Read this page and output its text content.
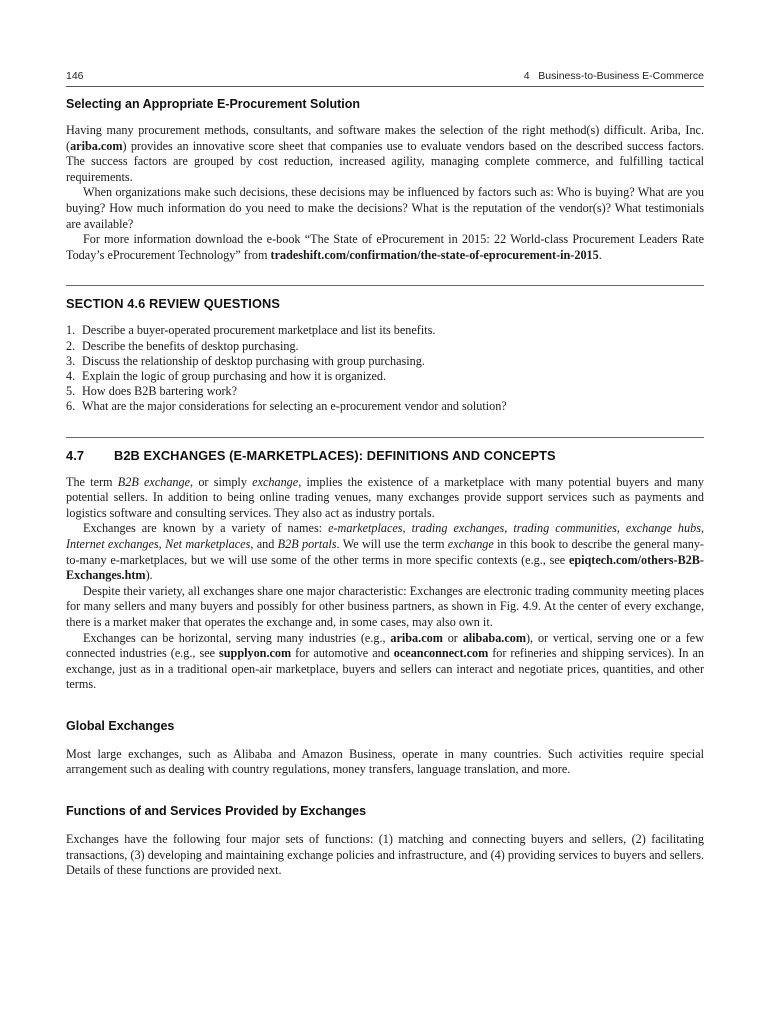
146	4   Business-to-Business E-Commerce
Selecting an Appropriate E-Procurement Solution

Having many procurement methods, consultants, and software makes the selection of the right method(s) difficult. Ariba, Inc. (ariba.com) provides an innovative score sheet that companies use to evaluate vendors based on the described success factors. The success factors are grouped by cost reduction, increased agility, managing complete commerce, and fulfilling tactical requirements.

When organizations make such decisions, these decisions may be influenced by factors such as: Who is buying? What are you buying? How much information do you need to make the decisions? What is the reputation of the vendor(s)? What testimonials are available?

For more information download the e-book “The State of eProcurement in 2015: 22 World-class Procurement Leaders Rate Today’s eProcurement Technology” from tradeshift.com/confirmation/the-state-of-eprocurement-in-2015.

SECTION 4.6 REVIEW QUESTIONS
1. Describe a buyer-operated procurement marketplace and list its benefits.
2. Describe the benefits of desktop purchasing.
3. Discuss the relationship of desktop purchasing with group purchasing.
4. Explain the logic of group purchasing and how it is organized.
5. How does B2B bartering work?
6. What are the major considerations for selecting an e-procurement vendor and solution?
4.7 B2B EXCHANGES (E-MARKETPLACES): DEFINITIONS AND CONCEPTS

The term B2B exchange, or simply exchange, implies the existence of a marketplace with many potential buyers and many potential sellers. In addition to being online trading venues, many exchanges provide support services such as payments and logistics software and consulting services. They also act as industry portals.

Exchanges are known by a variety of names: e-marketplaces, trading exchanges, trading communities, exchange hubs, Internet exchanges, Net marketplaces, and B2B portals. We will use the term exchange in this book to describe the general many-to-many e-marketplaces, but we will use some of the other terms in more specific contexts (e.g., see epiqtech.com/others-B2B-Exchanges.htm).

Despite their variety, all exchanges share one major characteristic: Exchanges are electronic trading community meeting places for many sellers and many buyers and possibly for other business partners, as shown in Fig. 4.9. At the center of every exchange, there is a market maker that operates the exchange and, in some cases, may also own it.

Exchanges can be horizontal, serving many industries (e.g., ariba.com or alibaba.com), or vertical, serving one or a few connected industries (e.g., see supplyon.com for automotive and oceanconnect.com for refineries and shipping services). In an exchange, just as in a traditional open-air marketplace, buyers and sellers can interact and negotiate prices, quantities, and other terms.

Global Exchanges

Most large exchanges, such as Alibaba and Amazon Business, operate in many countries. Such activities require special arrangement such as dealing with country regulations, money transfers, language translation, and more.

Functions of and Services Provided by Exchanges

Exchanges have the following four major sets of functions: (1) matching and connecting buyers and sellers, (2) facilitating transactions, (3) developing and maintaining exchange policies and infrastructure, and (4) providing services to buyers and sellers. Details of these functions are provided next.
